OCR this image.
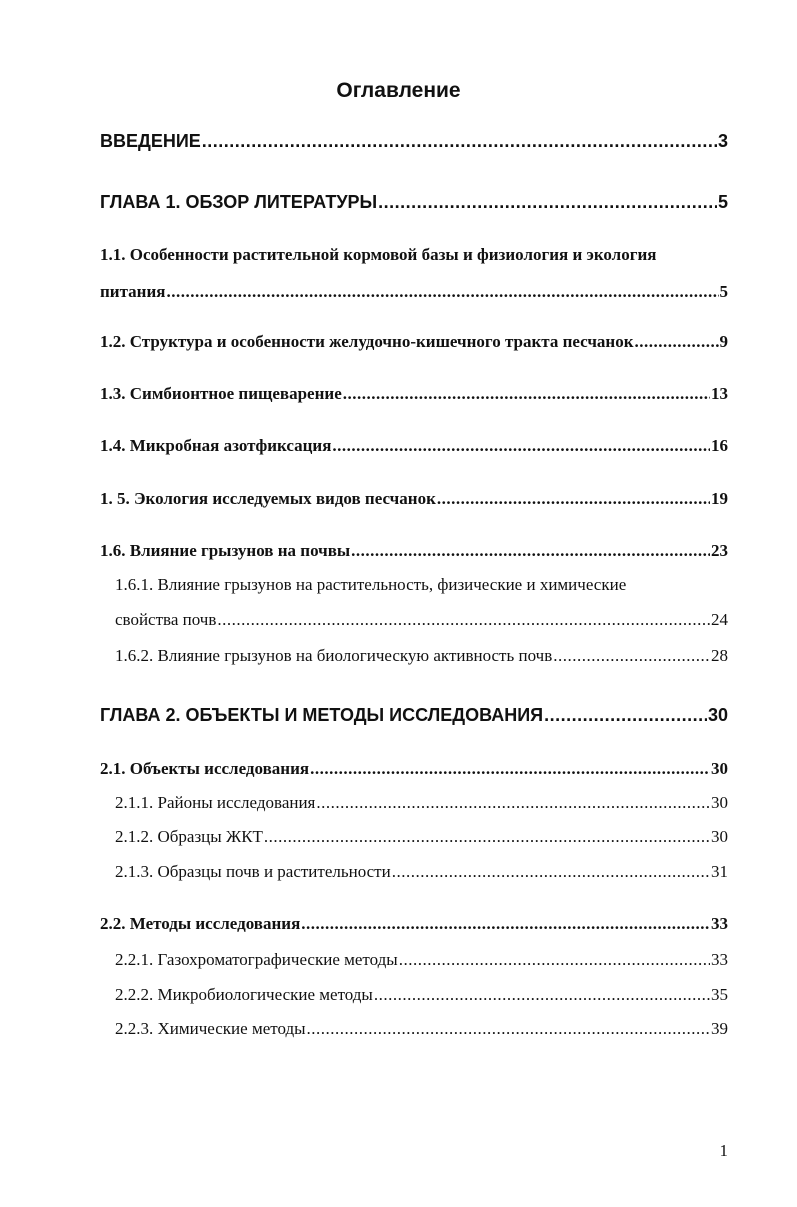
Оглавление
ВВЕДЕНИЕ .....	3
ГЛАВА 1. ОБЗОР ЛИТЕРАТУРЫ .....	5
1.1. Особенности растительной кормовой базы и физиология и экология
питания .....	5
1.2. Структура и особенности желудочно-кишечного тракта песчанок .....	9
1.3. Симбионтное пищеварение .....	13
1.4. Микробная азотфиксация .....	16
1. 5. Экология исследуемых видов песчанок .....	19
1.6. Влияние грызунов на почвы .....	23
1.6.1. Влияние грызунов на растительность, физические и химические
свойства почв .....	24
1.6.2. Влияние грызунов на биологическую активность почв .....	28
ГЛАВА 2. ОБЪЕКТЫ И МЕТОДЫ ИССЛЕДОВАНИЯ .....	30
2.1. Объекты исследования .....	30
2.1.1. Районы исследования .....	30
2.1.2. Образцы ЖКТ .....	30
2.1.3. Образцы почв и растительности .....	31
2.2. Методы исследования .....	33
2.2.1. Газохроматографические методы .....	33
2.2.2. Микробиологические методы .....	35
2.2.3. Химические методы .....	39
1
